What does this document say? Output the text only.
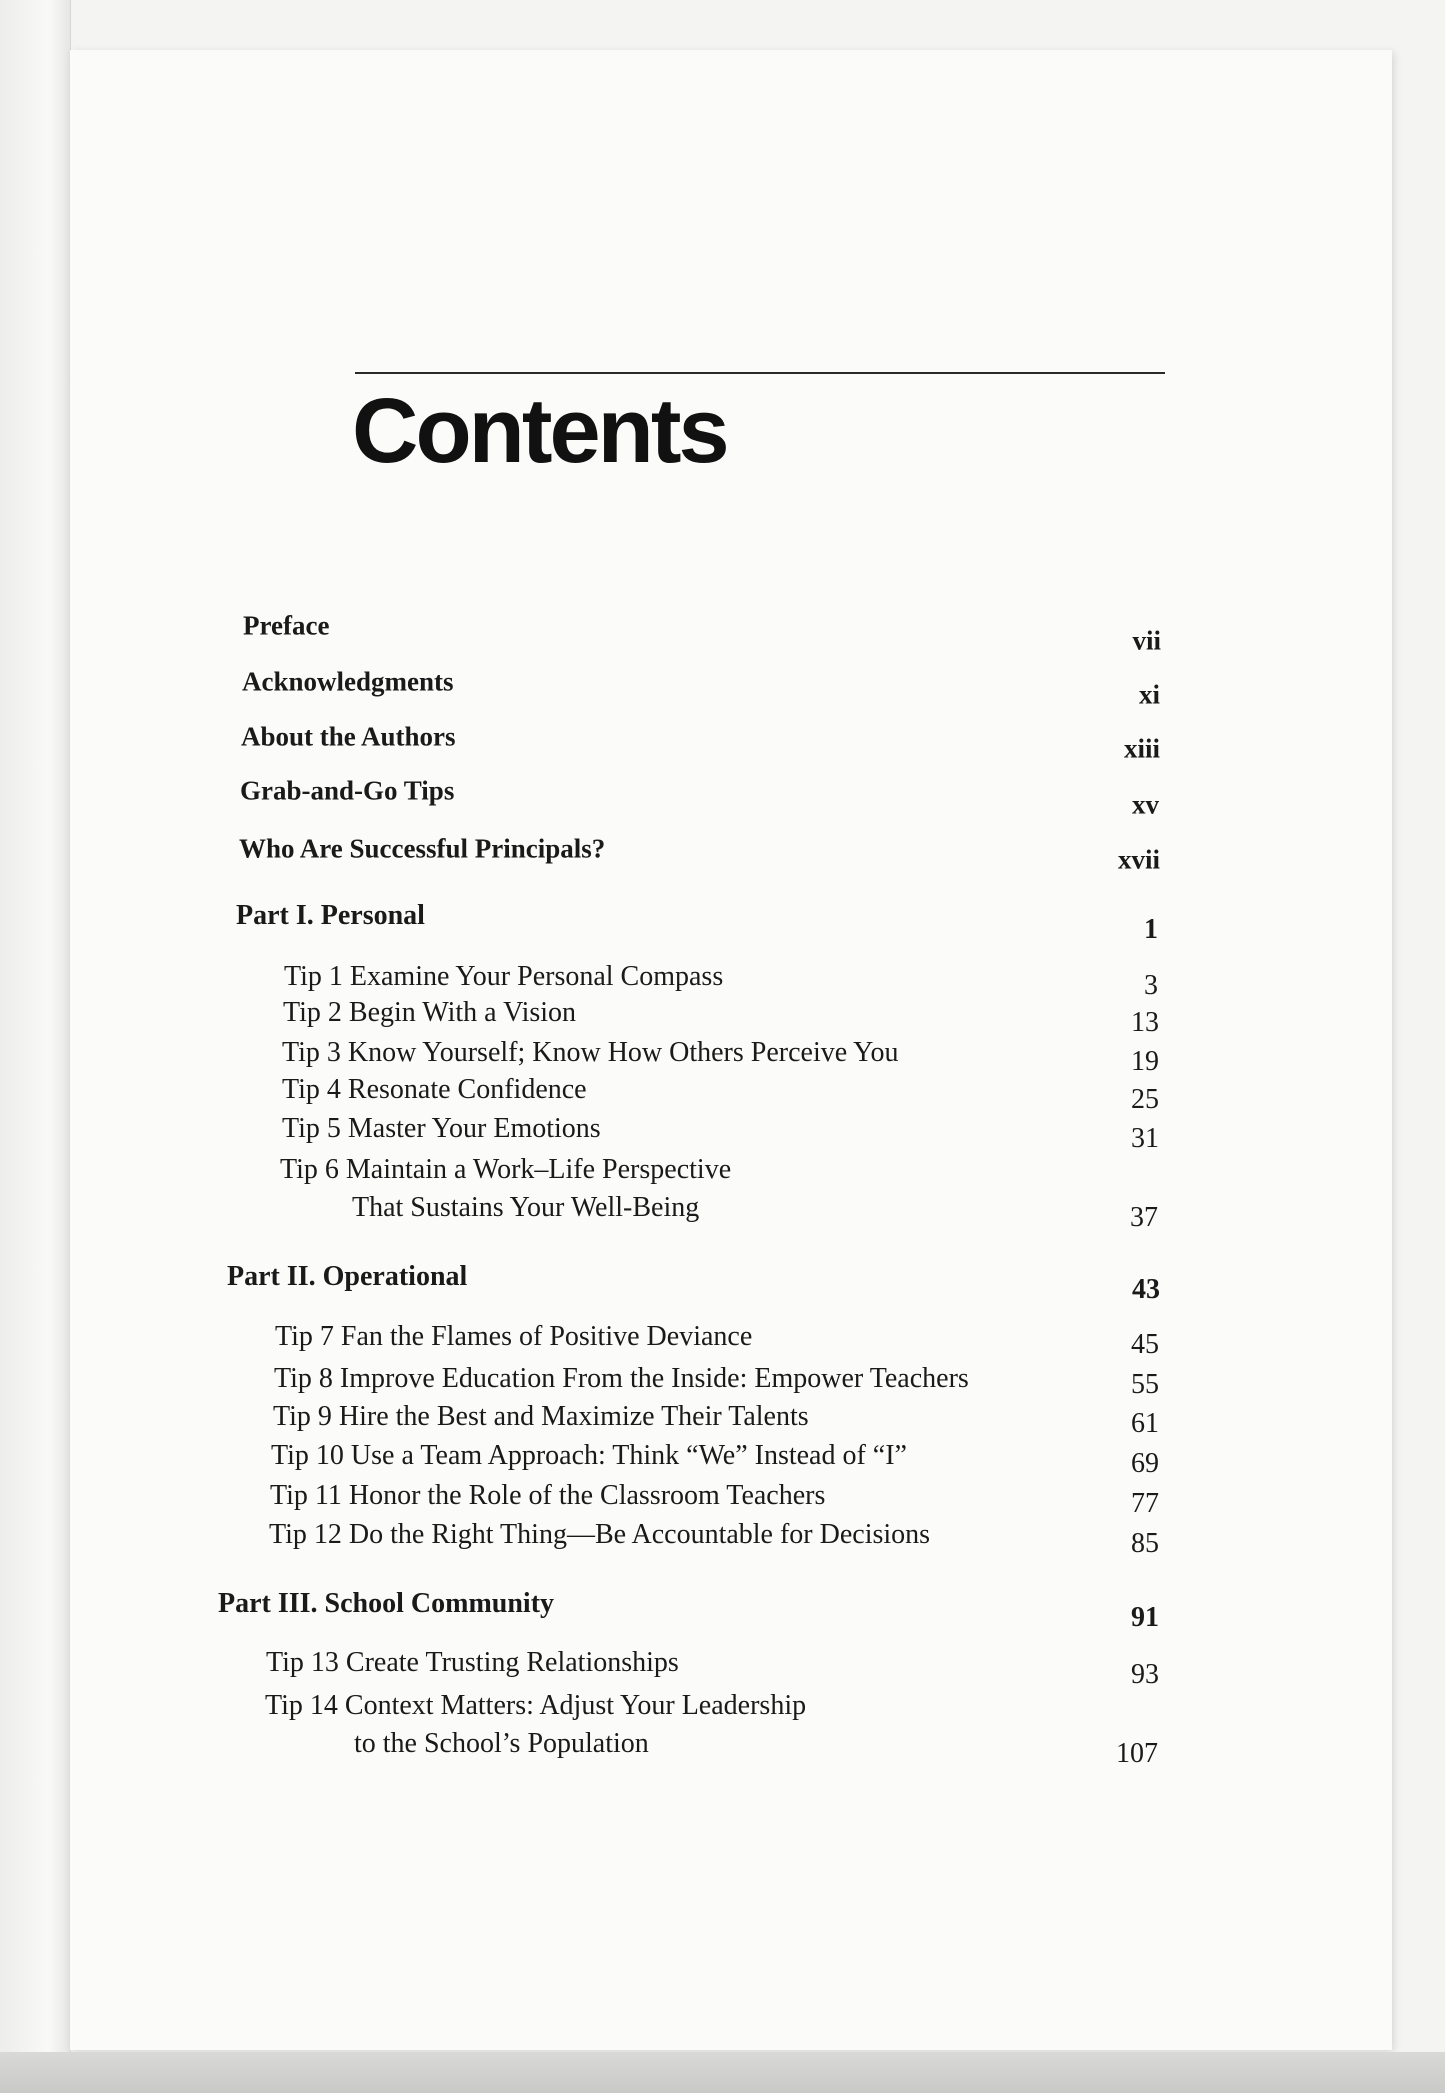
Contents
Preface	vii
Acknowledgments	xi
About the Authors	xiii
Grab-and-Go Tips	xv
Who Are Successful Principals?	xvii
Part I. Personal	1
Tip 1 Examine Your Personal Compass	3
Tip 2 Begin With a Vision	13
Tip 3 Know Yourself; Know How Others Perceive You	19
Tip 4 Resonate Confidence	25
Tip 5 Master Your Emotions	31
Tip 6 Maintain a Work–Life Perspective
That Sustains Your Well-Being	37
Part II. Operational	43
Tip 7 Fan the Flames of Positive Deviance	45
Tip 8 Improve Education From the Inside: Empower Teachers	55
Tip 9 Hire the Best and Maximize Their Talents	61
Tip 10 Use a Team Approach: Think “We” Instead of “I”	69
Tip 11 Honor the Role of the Classroom Teachers	77
Tip 12 Do the Right Thing—Be Accountable for Decisions	85
Part III. School Community	91
Tip 13 Create Trusting Relationships	93
Tip 14 Context Matters: Adjust Your Leadership
to the School’s Population	107
